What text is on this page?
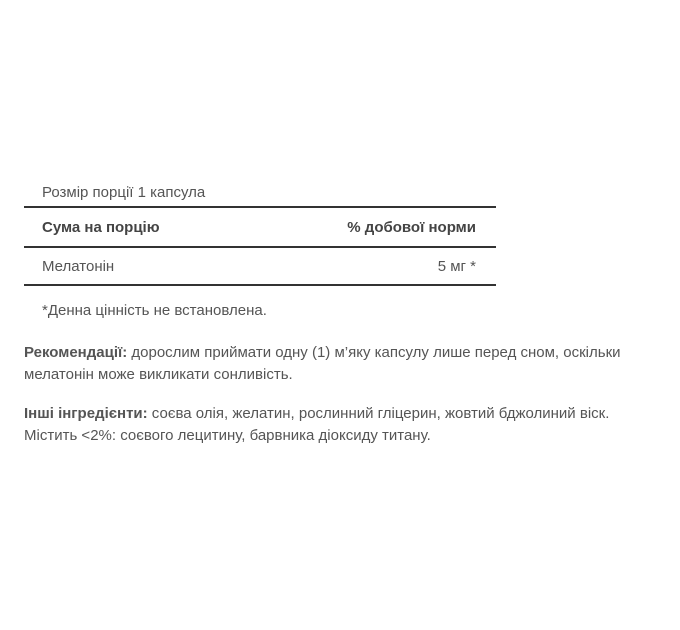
Розмір порції 1 капсула
Сума на порцію	% добової норми
Мелатонін	5 мг *
*Денна цінність не встановлена.
Рекомендації: дорослим приймати одну (1) м’яку капсулу лише перед сном, оскільки мелатонін може викликати сонливість.
Інші інгредієнти: соєва олія, желатин, рослинний гліцерин, жовтий бджолиний віск. Містить <2%: соєвого лецитину, барвника діоксиду титану.
